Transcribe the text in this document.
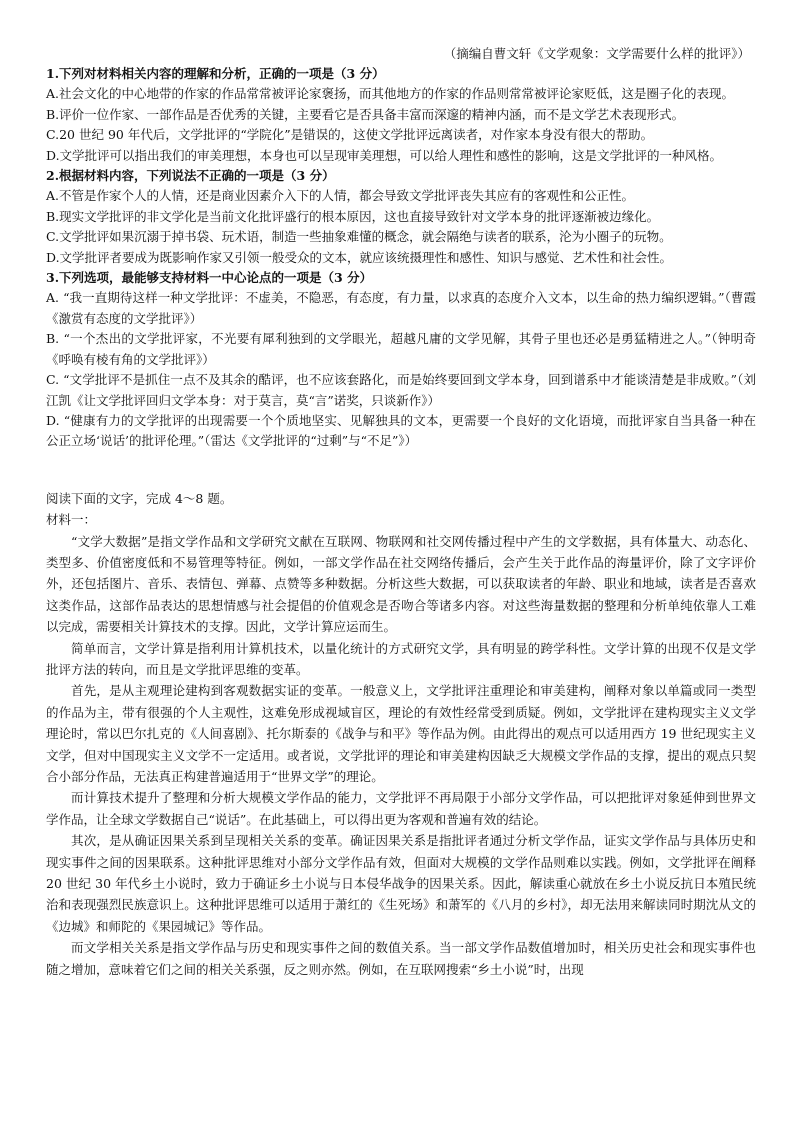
（摘编自曹文轩《文学观象：文学需要什么样的批评》）
1.下列对材料相关内容的理解和分析，正确的一项是（3 分）
A.社会文化的中心地带的作家的作品常常被评论家褒扬，而其他地方的作家的作品则常常被评论家贬低，这是圈子化的表现。
B.评价一位作家、一部作品是否优秀的关键，主要看它是否具备丰富而深邃的精神内涵，而不是文学艺术表现形式。
C.20 世纪 90 年代后，文学批评的“学院化”是错误的，这使文学批评远离读者，对作家本身没有很大的帮助。
D.文学批评可以指出我们的审美理想，本身也可以呈现审美理想，可以给人理性和感性的影响，这是文学批评的一种风格。
2.根据材料内容，下列说法不正确的一项是（3 分）
A.不管是作家个人的人情，还是商业因素介入下的人情，都会导致文学批评丧失其应有的客观性和公正性。
B.现实文学批评的非文学化是当前文化批评盛行的根本原因，这也直接导致针对文学本身的批评逐渐被边缘化。
C.文学批评如果沉溺于掉书袋、玩术语，制造一些抽象难懂的概念，就会隔绝与读者的联系，沦为小圈子的玩物。
D.文学批评者要成为既影响作家又引领一般受众的文本，就应该统摄理性和感性、知识与感觉、艺术性和社会性。
3.下列选项，最能够支持材料一中心论点的一项是（3 分）
A. “我一直期待这样一种文学批评：不虚美，不隐恶，有态度，有力量，以求真的态度介入文本，以生命的热力编织逻辑。”（曹霞《激赏有态度的文学批评》）
B. “一个杰出的文学批评家，不光要有犀利独到的文学眼光，超越凡庸的文学见解，其骨子里也还必是勇猛精进之人。”（钟明奇《呼唤有棱有角的文学批评》）
C. “文学批评不是抓住一点不及其余的酷评，也不应该套路化，而是始终要回到文学本身，回到谱系中才能谈清楚是非成败。”（刘江凯《让文学批评回归文学本身：对于莫言，莫“言”诺奖，只谈新作》）
D. “健康有力的文学批评的出现需要一个个质地坚实、见解独具的文本，更需要一个良好的文化语境，而批评家自当具备一种在公正立场‘说话’的批评伦理。”（雷达《文学批评的“过剩”与“不足”》）
阅读下面的文字，完成 4～8 题。
材料一：

“文学大数据”是指文学作品和文学研究文献在互联网、物联网和社交网传播过程中产生的文学数据，具有体量大、动态化、类型多、价值密度低和不易管理等特征。例如，一部文学作品在社交网络传播后，会产生关于此作品的海量评价，除了文字评价外，还包括图片、音乐、表情包、弹幕、点赞等多种数据。分析这些大数据，可以获取读者的年龄、职业和地域，读者是否喜欢这类作品，这部作品表达的思想情感与社会提倡的价值观念是否吻合等诸多内容。对这些海量数据的整理和分析单纯依靠人工难以完成，需要相关计算技术的支撑。因此，文学计算应运而生。

简单而言，文学计算是指利用计算机技术，以量化统计的方式研究文学，具有明显的跨学科性。文学计算的出现不仅是文学批评方法的转向，而且是文学批评思维的变革。

首先，是从主观理论建构到客观数据实证的变革。一般意义上，文学批评注重理论和审美建构，阐释对象以单篇或同一类型的作品为主，带有很强的个人主观性，这难免形成视域盲区，理论的有效性经常受到质疑。例如，文学批评在建构现实主义文学理论时，常以巴尔扎克的《人间喜剧》、托尔斯泰的《战争与和平》等作品为例。由此得出的观点可以适用西方 19 世纪现实主义文学，但对中国现实主义文学不一定适用。或者说，文学批评的理论和审美建构因缺乏大规模文学作品的支撑，提出的观点只契合小部分作品，无法真正构建普遍适用于“世界文学”的理论。

而计算技术提升了整理和分析大规模文学作品的能力，文学批评不再局限于小部分文学作品，可以把批评对象延伸到世界文学作品，让全球文学数据自己“说话”。在此基础上，可以得出更为客观和普遍有效的结论。

其次，是从确证因果关系到呈现相关关系的变革。确证因果关系是指批评者通过分析文学作品，证实文学作品与具体历史和现实事件之间的因果联系。这种批评思维对小部分文学作品有效，但面对大规模的文学作品则难以实践。例如，文学批评在阐释 20 世纪 30 年代乡土小说时，致力于确证乡土小说与日本侵华战争的因果关系。因此，解读重心就放在乡土小说反抗日本殖民统治和表现强烈民族意识上。这种批评思维可以适用于萧红的《生死场》和萧军的《八月的乡村》，却无法用来解读同时期沈从文的《边城》和师陀的《果园城记》等作品。

而文学相关关系是指文学作品与历史和现实事件之间的数值关系。当一部文学作品数值增加时，相关历史社会和现实事件也随之增加，意味着它们之间的相关关系强，反之则亦然。例如，在互联网搜索“乡土小说”时，出现
